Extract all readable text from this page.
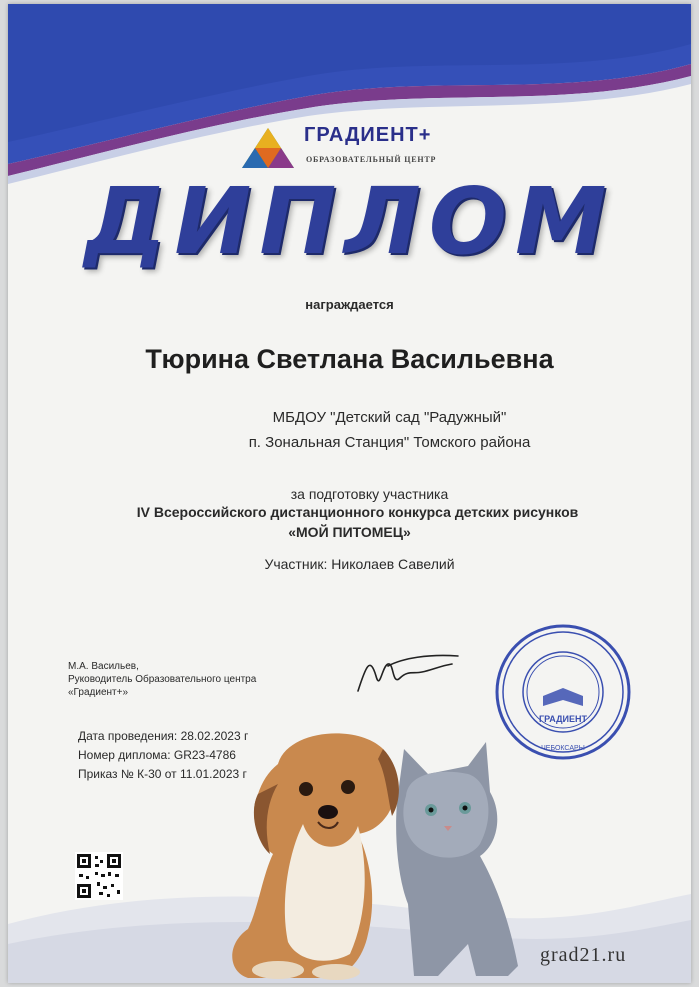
ГРАДИЕНТ+
ОБРАЗОВАТЕЛЬНЫЙ ЦЕНТР
ДИПЛОМ
награждается
Тюрина Светлана Васильевна
МБДОУ "Детский сад "Радужный"
п. Зональная Станция" Томского района
за подготовку участника
IV Всероссийского дистанционного конкурса детских рисунков
«МОЙ ПИТОМЕЦ»
Участник: Николаев Савелий
М.А. Васильев,
Руководитель Образовательного центра
«Градиент+»
Дата проведения: 28.02.2023 г
Номер диплома: GR23-4786
Приказ № К-30 от 11.01.2023 г
ГРАДИЕНТ
ЧЕБОКСАРЫ
grad21.ru
